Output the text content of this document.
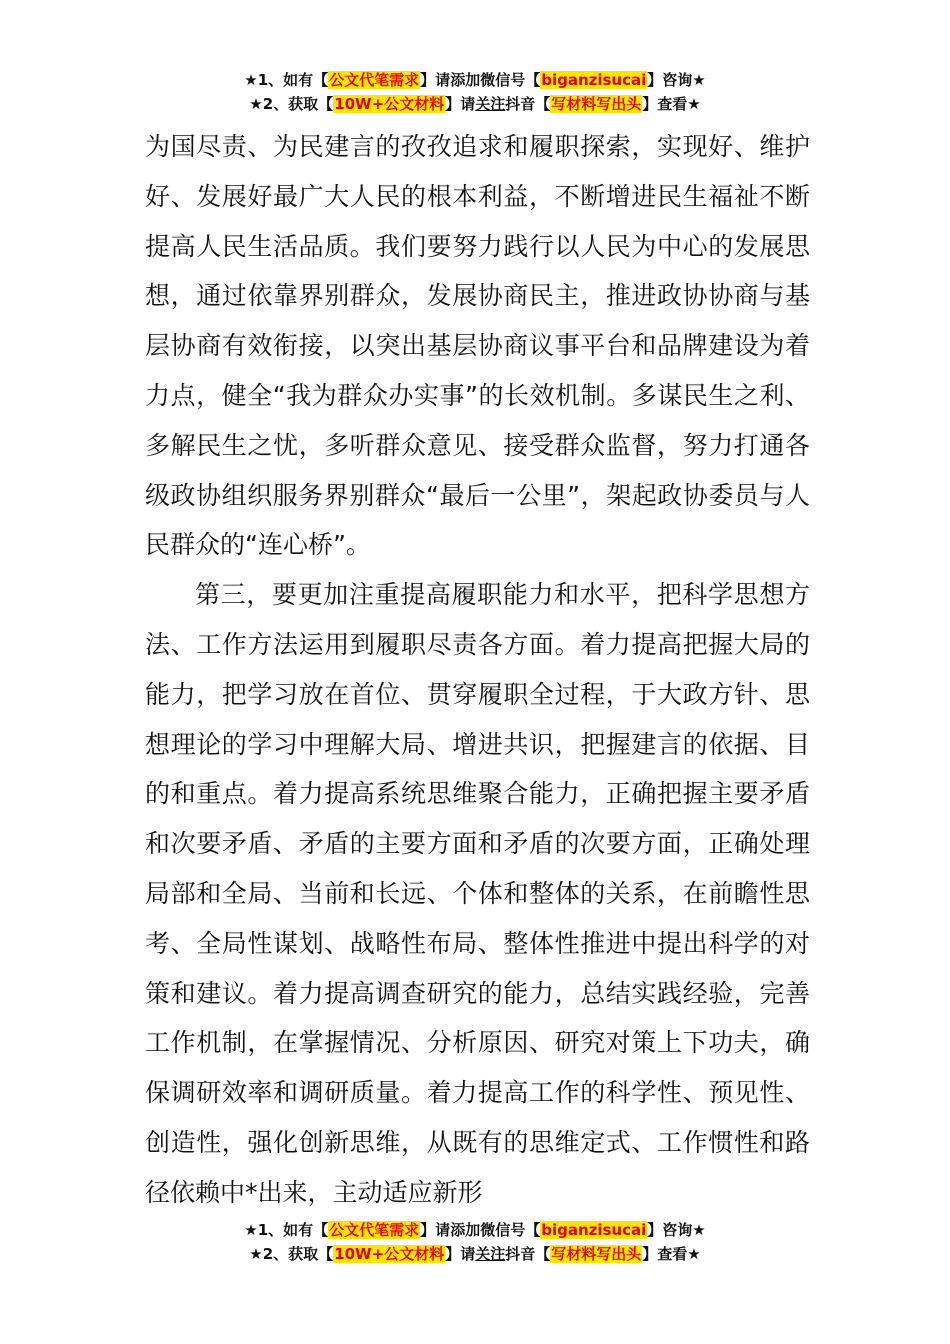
★1、如有【公文代笔需求】请添加微信号【biganzisucai】咨询★
★2、获取【10W+公文材料】请关注抖音【写材料写出头】查看★

为国尽责、为民建言的孜孜追求和履职探索，实现好、维护好、发展好最广大人民的根本利益，不断增进民生福祉不断提高人民生活品质。我们要努力践行以人民为中心的发展思想，通过依靠界别群众，发展协商民主，推进政协协商与基层协商有效衔接，以突出基层协商议事平台和品牌建设为着力点，健全“我为群众办实事”的长效机制。多谋民生之利、多解民生之忧，多听群众意见、接受群众监督，努力打通各级政协组织服务界别群众“最后一公里”，架起政协委员与人民群众的“连心桥”。

第三，要更加注重提高履职能力和水平，把科学思想方法、工作方法运用到履职尽责各方面。着力提高把握大局的能力，把学习放在首位、贯穿履职全过程，于大政方针、思想理论的学习中理解大局、增进共识，把握建言的依据、目的和重点。着力提高系统思维聚合能力，正确把握主要矛盾和次要矛盾、矛盾的主要方面和矛盾的次要方面，正确处理局部和全局、当前和长远、个体和整体的关系，在前瞻性思考、全局性谋划、战略性布局、整体性推进中提出科学的对策和建议。着力提高调查研究的能力，总结实践经验，完善工作机制，在掌握情况、分析原因、研究对策上下功夫，确保调研效率和调研质量。着力提高工作的科学性、预见性、创造性，强化创新思维，从既有的思维定式、工作惯性和路径依赖中*出来，主动适应新形

★1、如有【公文代笔需求】请添加微信号【biganzisucai】咨询★
★2、获取【10W+公文材料】请关注抖音【写材料写出头】查看★
